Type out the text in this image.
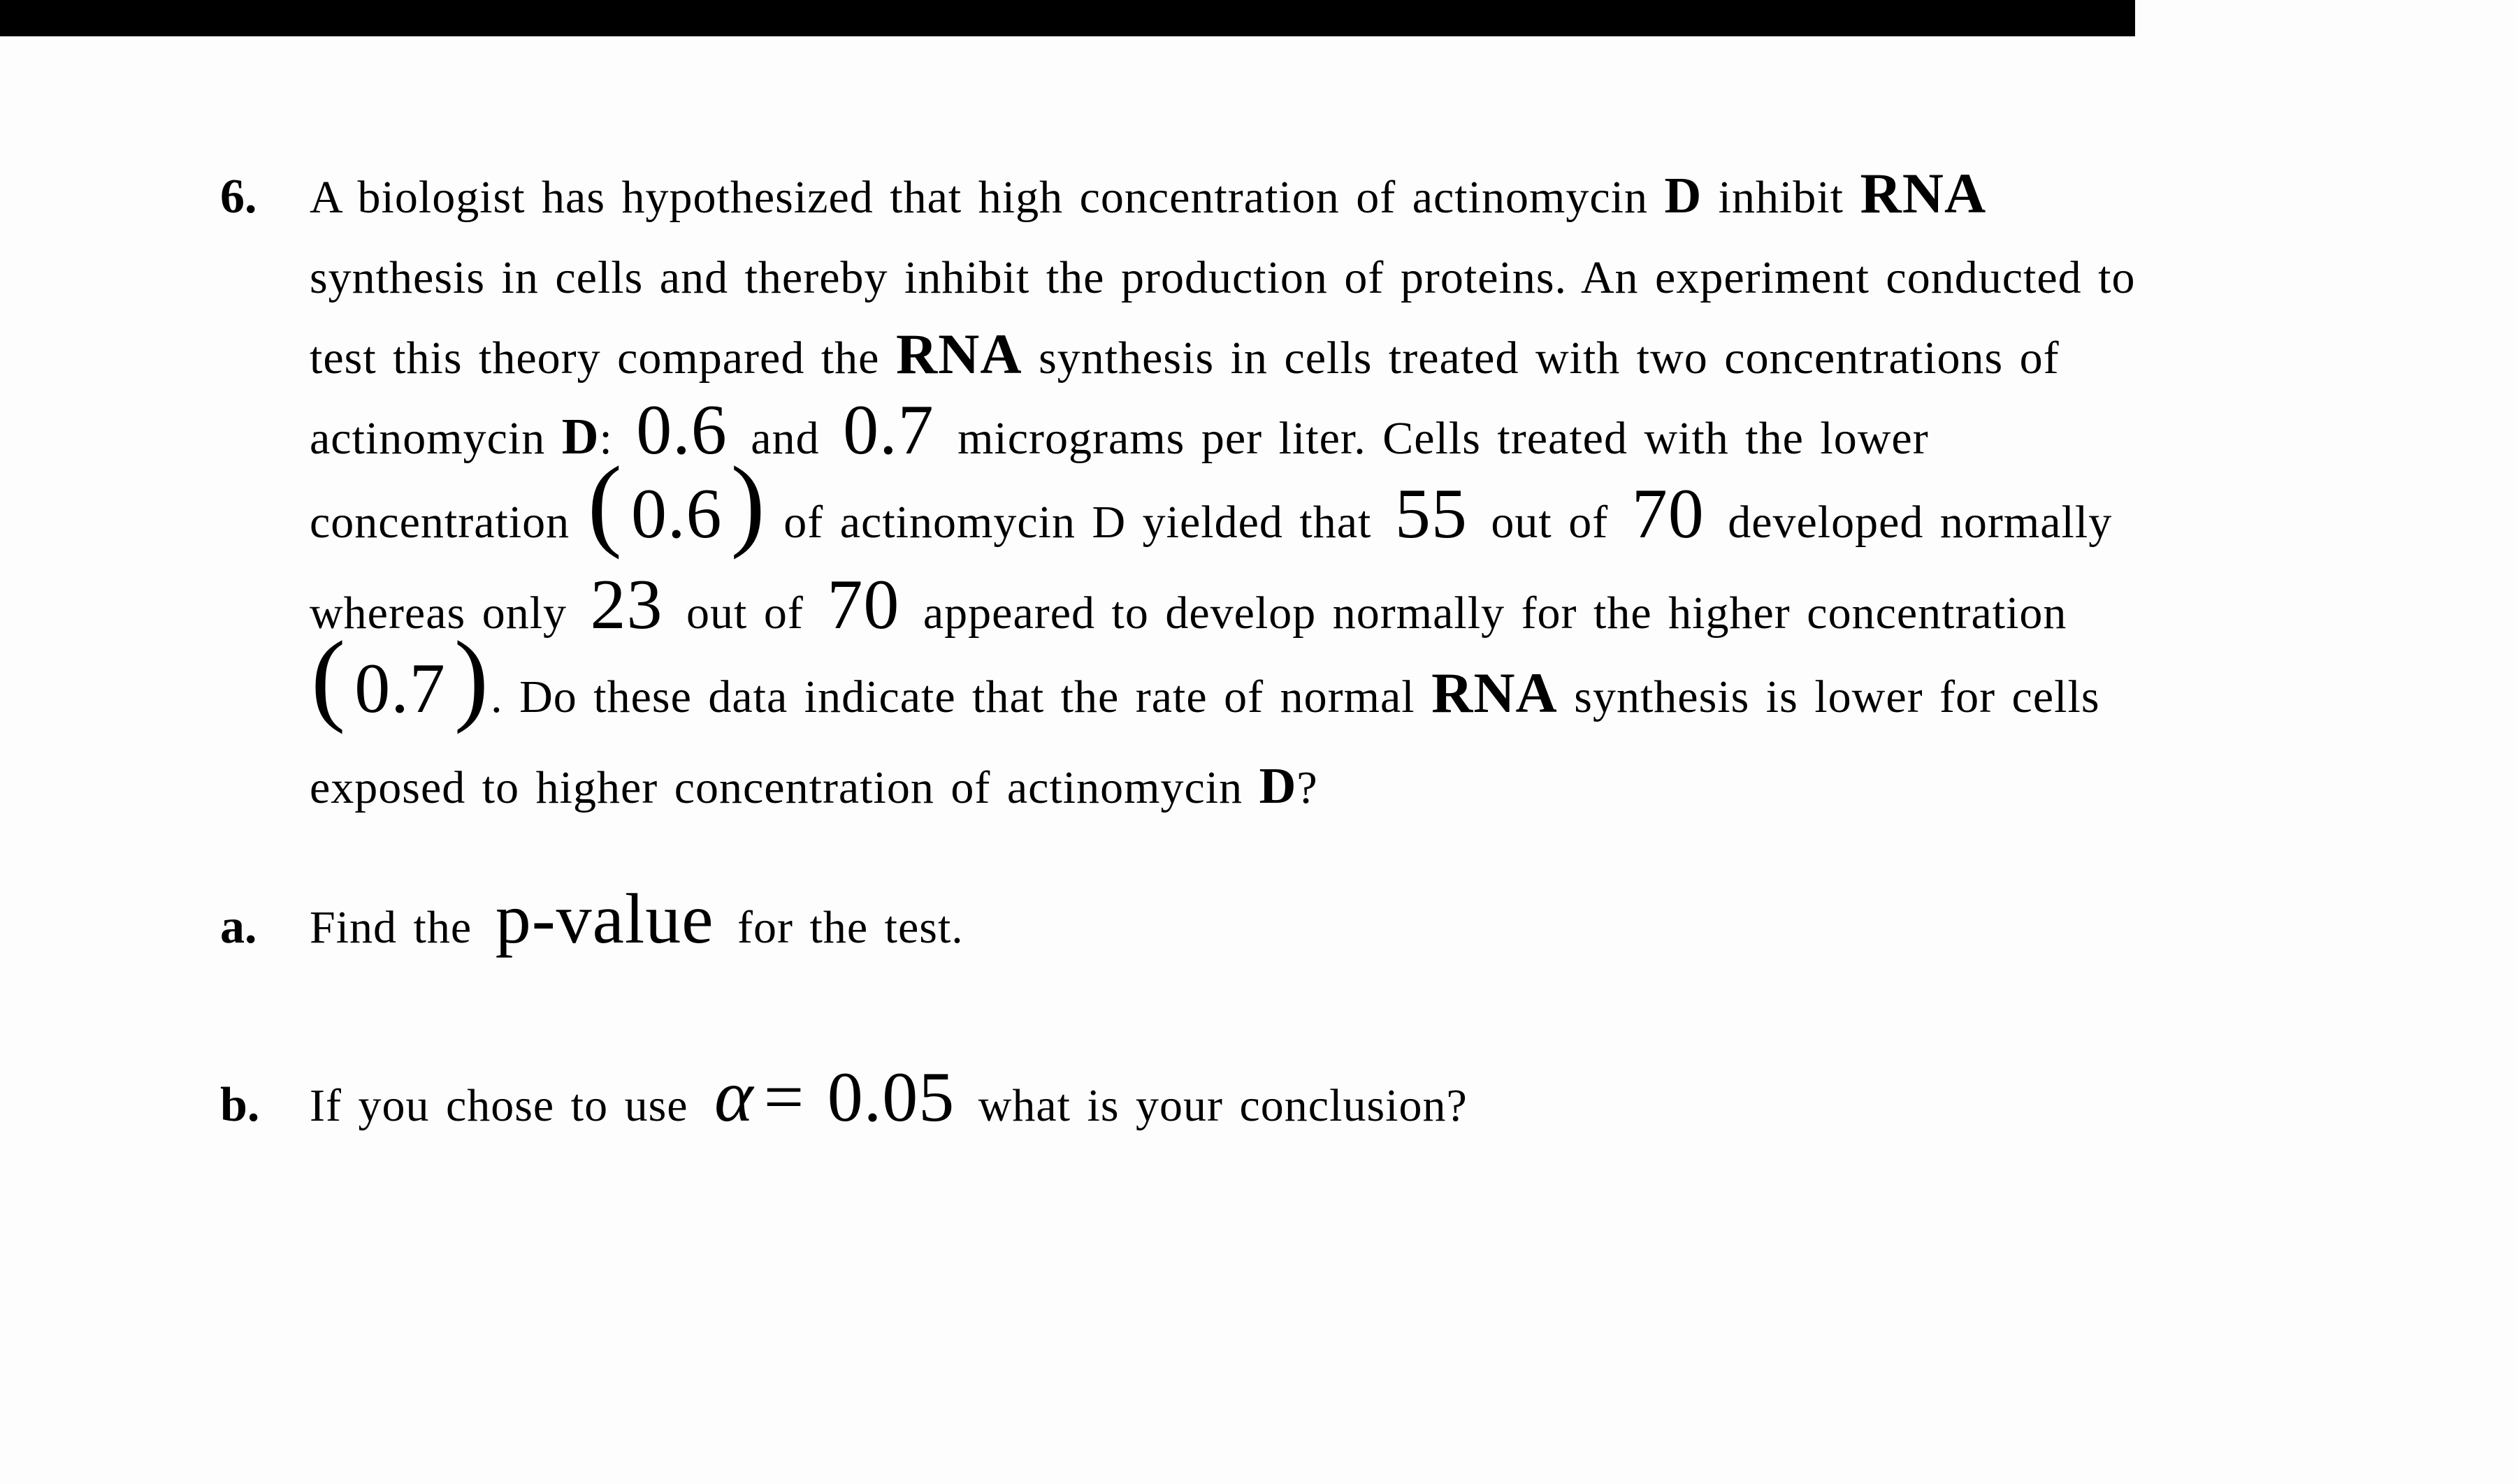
6. A biologist has hypothesized that high concentration of actinomycin D inhibit RNA
synthesis in cells and thereby inhibit the production of proteins. An experiment conducted to
test this theory compared the RNA synthesis in cells treated with two concentrations of
actinomycin D: 0.6 and 0.7 micrograms per liter. Cells treated with the lower
concentration ( 0.6) of actinomycin D yielded that 55 out of 70 developed normally
whereas only 23 out of 70 appeared to develop normally for the higher concentration
( 0.7). Do these data indicate that the rate of normal RNA synthesis is lower for cells
exposed to higher concentration of actinomycin D?
a. Find the p-value for the test.
b. If you chose to use α = 0.05 what is your conclusion?
